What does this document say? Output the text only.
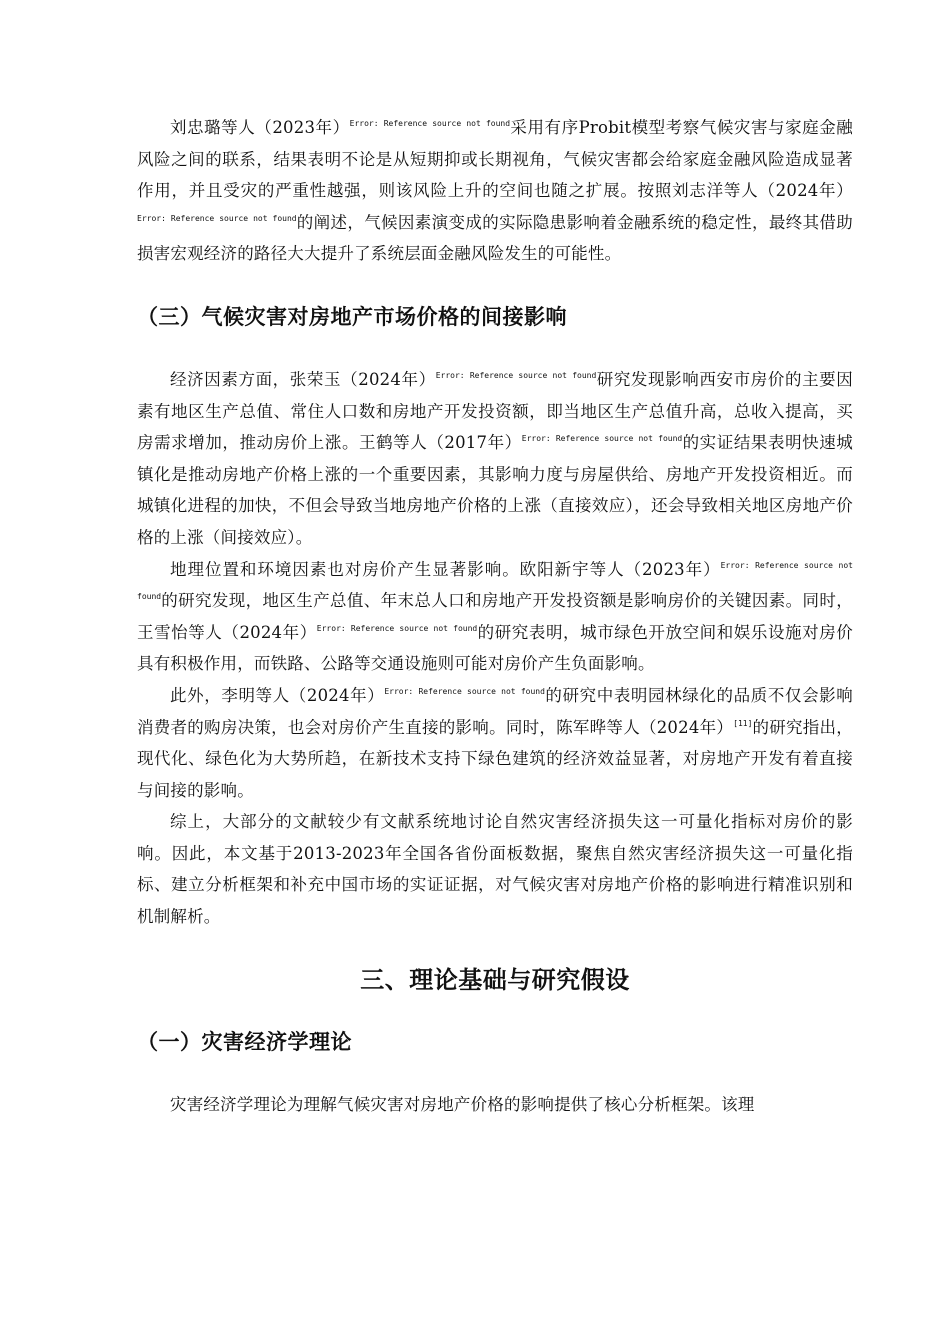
刘忠璐等人（2023年）$^{Error: Reference source not found}$采用有序Probit模型考察气候灾害与家庭金融风险之间的联系，结果表明不论是从短期抑或长期视角，气候灾害都会给家庭金融风险造成显著作用，并且受灾的严重性越强，则该风险上升的空间也随之扩展。按照刘志洋等人（2024年）$^{Error: Reference source not found}$的阐述，气候因素演变成的实际隐患影响着金融系统的稳定性，最终其借助损害宏观经济的路径大大提升了系统层面金融风险发生的可能性。

（三）气候灾害对房地产市场价格的间接影响

经济因素方面，张荣玉（2024年）$^{Error: Reference source not found}$研究发现影响西安市房价的主要因素有地区生产总值、常住人口数和房地产开发投资额，即当地区生产总值升高，总收入提高，买房需求增加，推动房价上涨。王鹤等人（2017年）$^{Error: Reference source not found}$的实证结果表明快速城镇化是推动房地产价格上涨的一个重要因素，其影响力度与房屋供给、房地产开发投资相近。而城镇化进程的加快，不但会导致当地房地产价格的上涨（直接效应），还会导致相关地区房地产价格的上涨（间接效应）。

地理位置和环境因素也对房价产生显著影响。欧阳新宇等人（2023年）$^{Error: Reference source not found}$的研究发现，地区生产总值、年末总人口和房地产开发投资额是影响房价的关键因素。同时，王雪怡等人（2024年）$^{Error: Reference source not found}$的研究表明，城市绿色开放空间和娱乐设施对房价具有积极作用，而铁路、公路等交通设施则可能对房价产生负面影响。

此外，李明等人（2024年）$^{Error: Reference source not found}$的研究中表明园林绿化的品质不仅会影响消费者的购房决策，也会对房价产生直接的影响。同时，陈军晔等人（2024年）[11]的研究指出，现代化、绿色化为大势所趋，在新技术支持下绿色建筑的经济效益显著，对房地产开发有着直接与间接的影响。

综上，大部分的文献较少有文献系统地讨论自然灾害经济损失这一可量化指标对房价的影响。因此，本文基于2013-2023年全国各省份面板数据，聚焦自然灾害经济损失这一可量化指标、建立分析框架和补充中国市场的实证证据，对气候灾害对房地产价格的影响进行精准识别和机制解析。

三、理论基础与研究假设
（一）灾害经济学理论

灾害经济学理论为理解气候灾害对房地产价格的影响提供了核心分析框架。该理
